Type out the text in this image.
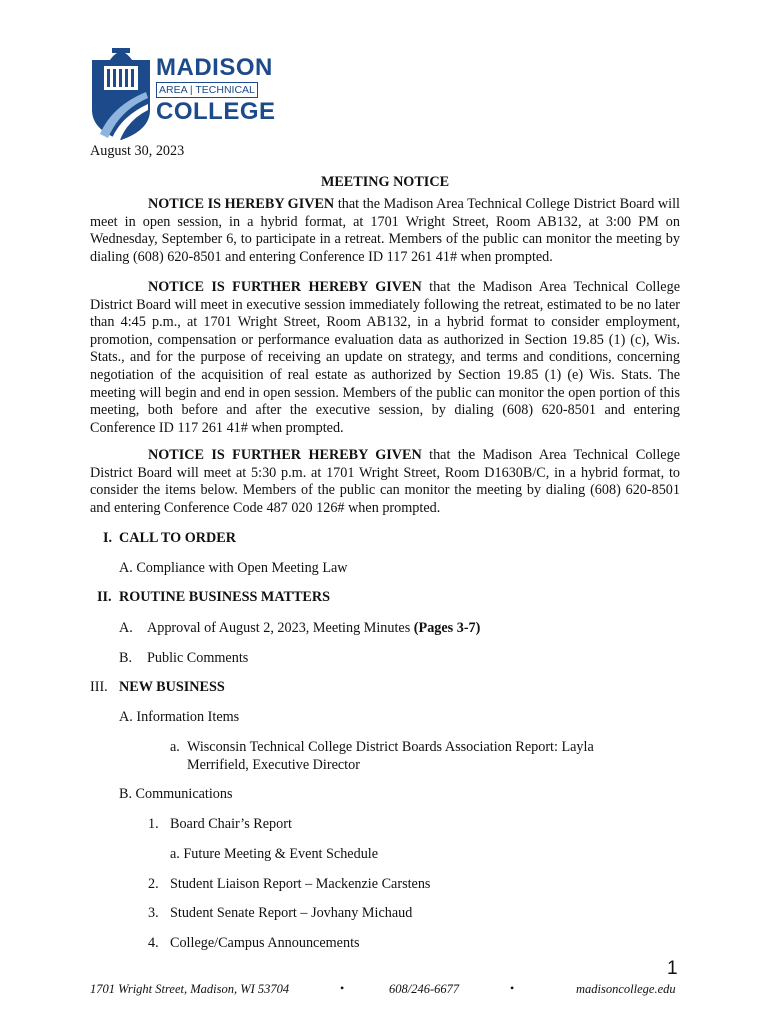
MADISON
AREA | TECHNICAL
COLLEGE
August 30, 2023
MEETING NOTICE
NOTICE IS HEREBY GIVEN that the Madison Area Technical College District Board will meet in open session, in a hybrid format, at 1701 Wright Street, Room AB132, at 3:00 PM on Wednesday, September 6, to participate in a retreat. Members of the public can monitor the meeting by dialing (608) 620-8501 and entering Conference ID 117 261 41# when prompted.
NOTICE IS FURTHER HEREBY GIVEN that the Madison Area Technical College District Board will meet in executive session immediately following the retreat, estimated to be no later than 4:45 p.m., at 1701 Wright Street, Room AB132, in a hybrid format to consider employment, promotion, compensation or performance evaluation data as authorized in Section 19.85 (1) (c), Wis. Stats., and for the purpose of receiving an update on strategy, and terms and conditions, concerning negotiation of the acquisition of real estate as authorized by Section 19.85 (1) (e) Wis. Stats. The meeting will begin and end in open session. Members of the public can monitor the open portion of this meeting, both before and after the executive session, by dialing (608) 620-8501 and entering Conference ID 117 261 41# when prompted.
NOTICE IS FURTHER HEREBY GIVEN that the Madison Area Technical College District Board will meet at 5:30 p.m. at 1701 Wright Street, Room D1630B/C, in a hybrid format, to consider the items below. Members of the public can monitor the meeting by dialing (608) 620-8501 and entering Conference Code 487 020 126# when prompted.
I. CALL TO ORDER
A. Compliance with Open Meeting Law
II. ROUTINE BUSINESS MATTERS
A. Approval of August 2, 2023, Meeting Minutes (Pages 3-7)
B. Public Comments
III. NEW BUSINESS
A. Information Items
a. Wisconsin Technical College District Boards Association Report: Layla
Merrifield, Executive Director
B. Communications
1. Board Chair’s Report
a. Future Meeting & Event Schedule
2. Student Liaison Report – Mackenzie Carstens
3. Student Senate Report – Jovhany Michaud
4. College/Campus Announcements
1
1701 Wright Street, Madison, WI 53704	•	608/246-6677	•	madisoncollege.edu
